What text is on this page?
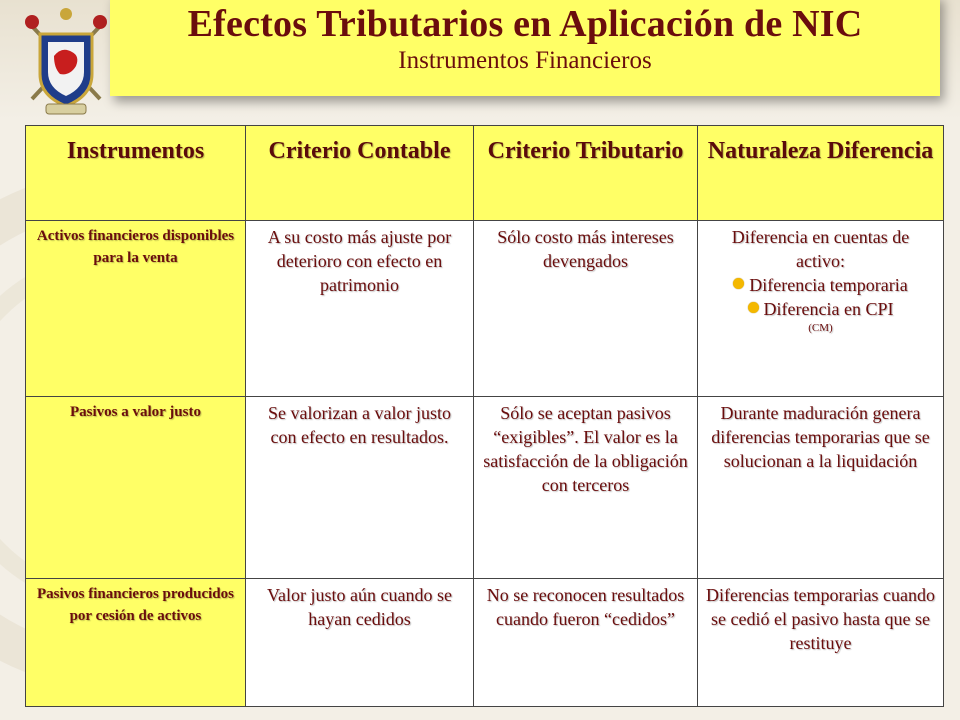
Efectos Tributarios en Aplicación de NIC

Instrumentos Financieros

Instrumentos	Criterio Contable	Criterio Tributario	Naturaleza Diferencia
Activos financieros disponibles para la venta	A su costo más ajuste por deterioro con efecto en patrimonio	Sólo costo más intereses devengados	Diferencia en cuentas de activo:

Diferencia temporaria

Diferencia en CPI

(CM)

Pasivos a valor justo	Se valorizan a valor justo con efecto en resultados.	Sólo se aceptan pasivos “exigibles”. El valor es la satisfacción de la obligación con terceros	Durante maduración genera diferencias temporarias que se solucionan a la liquidación
Pasivos financieros producidos por cesión de activos	Valor justo aún cuando se hayan cedidos	No se reconocen resultados cuando fueron “cedidos”	Diferencias temporarias cuando se cedió el pasivo hasta que se restituye
